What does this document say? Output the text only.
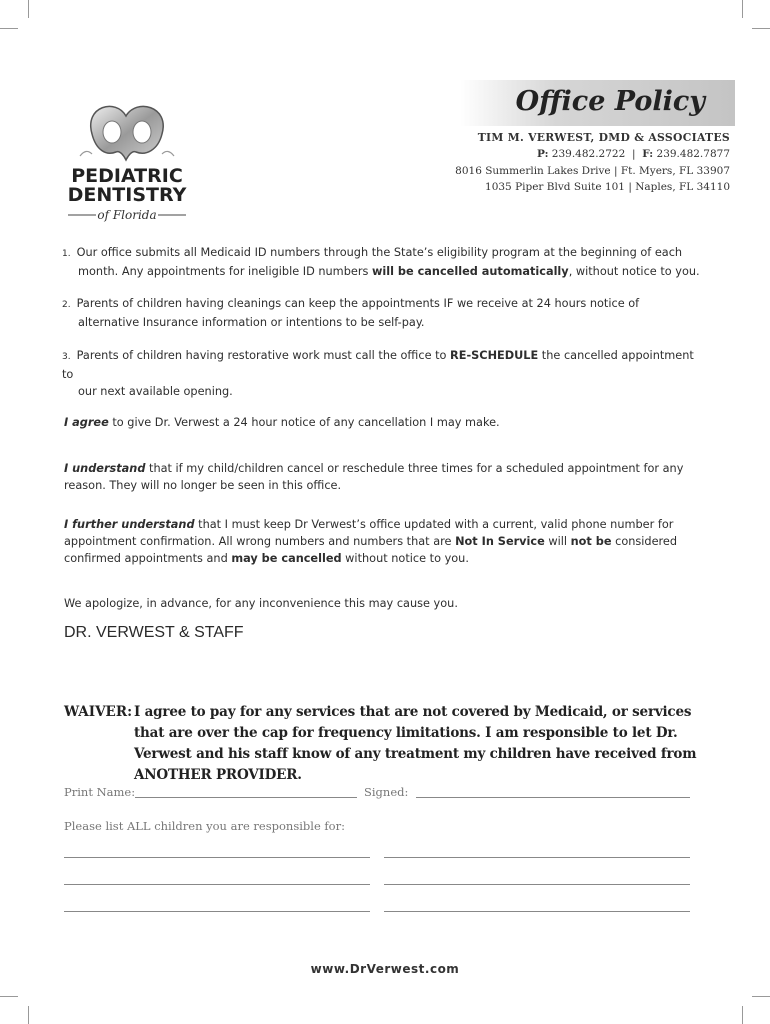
PEDIATRIC
DENTISTRY
of Florida
Office Policy
TIM M. VERWEST, DMD & ASSOCIATES
P: 239.482.2722 | F: 239.482.7877
8016 Summerlin Lakes Drive | Ft. Myers, FL 33907
1035 Piper Blvd Suite 101 | Naples, FL 34110
1. Our office submits all Medicaid ID numbers through the State’s eligibility program at the beginning of each
month. Any appointments for ineligible ID numbers will be cancelled automatically, without notice to you.
2. Parents of children having cleanings can keep the appointments IF we receive at 24 hours notice of
alternative Insurance information or intentions to be self-pay.
3. Parents of children having restorative work must call the office to RE-SCHEDULE the cancelled appointment to
our next available opening.
I agree to give Dr. Verwest a 24 hour notice of any cancellation I may make.
I understand that if my child/children cancel or reschedule three times for a scheduled appointment for any
reason. They will no longer be seen in this office.
I further understand that I must keep Dr Verwest’s office updated with a current, valid phone number for
appointment confirmation. All wrong numbers and numbers that are Not In Service will not be considered
confirmed appointments and may be cancelled without notice to you.
We apologize, in advance, for any inconvenience this may cause you.
DR. VERWEST & STAFF
WAIVER: I agree to pay for any services that are not covered by Medicaid, or services that are over the cap for frequency limitations. I am responsible to let Dr. Verwest and his staff know of any treatment my children have received from ANOTHER PROVIDER.
Print Name:	Signed:
Please list ALL children you are responsible for:
www.DrVerwest.com
